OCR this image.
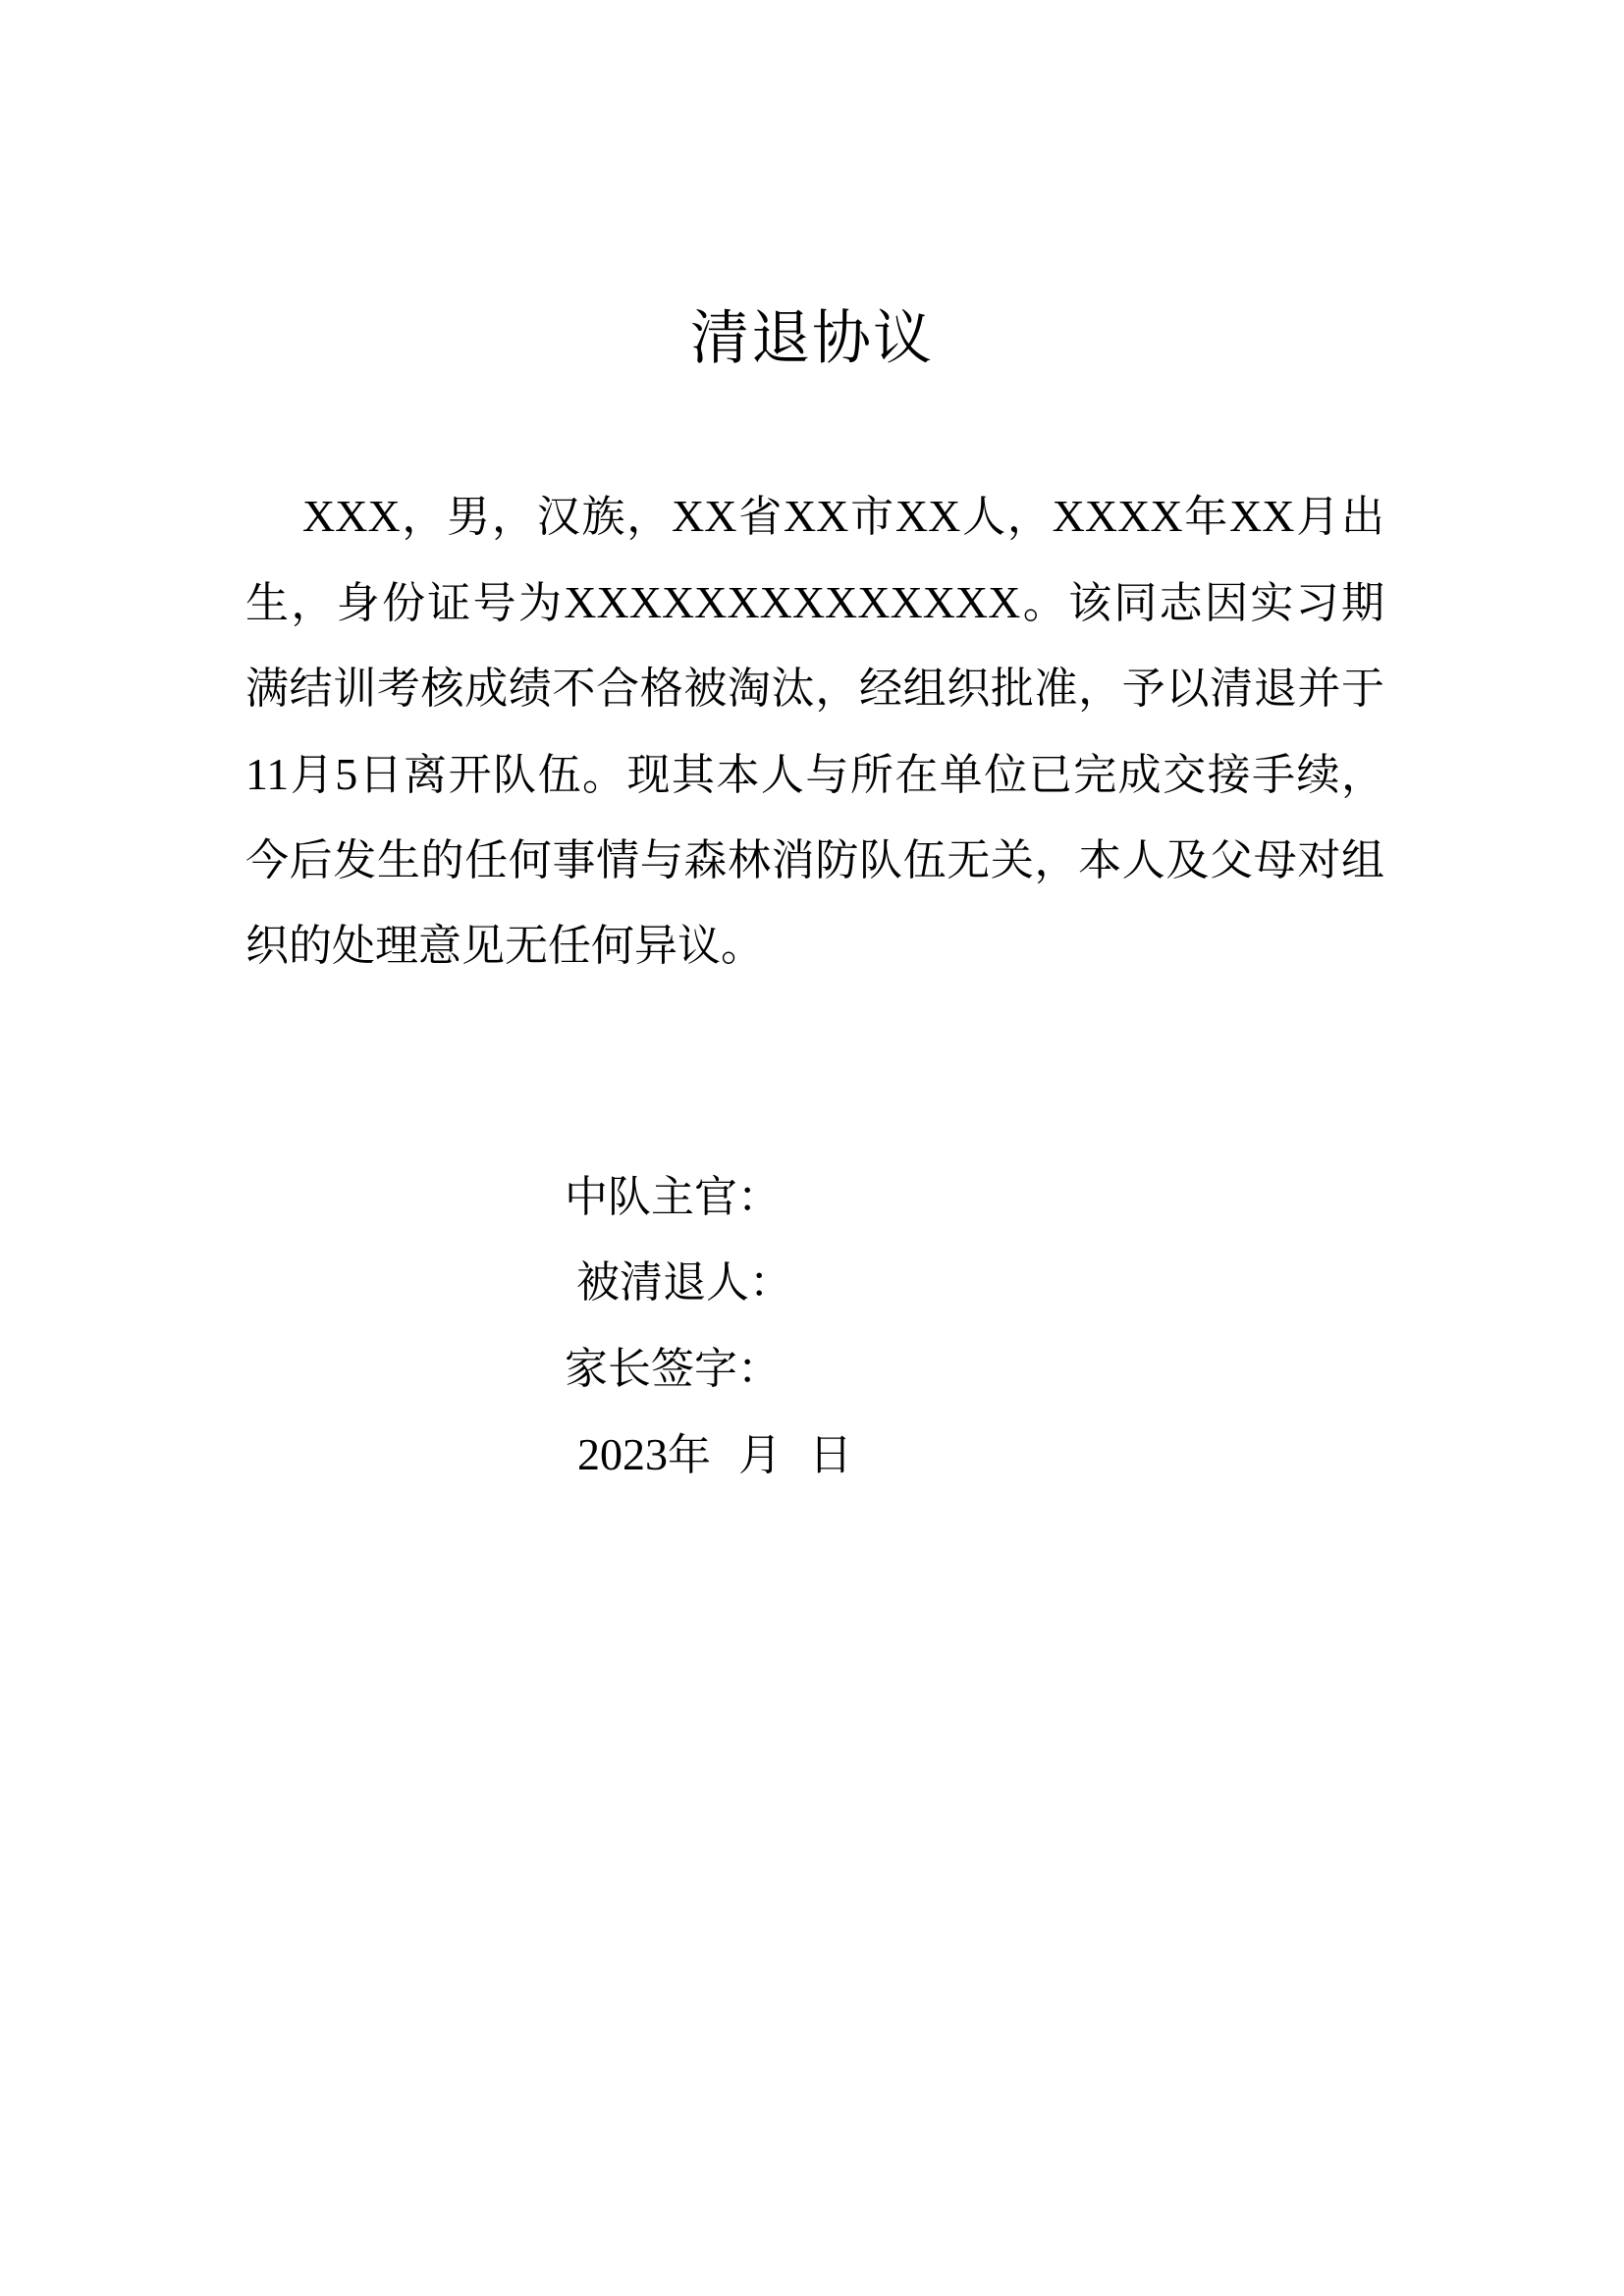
清退协议

XXX，男，汉族，XX省XX市XX人，XXXX年XX月出生，身份证号为XXXXXXXXXXXXXX。该同志因实习期满结训考核成绩不合格被淘汰，经组织批准，予以清退并于11月5日离开队伍。现其本人与所在单位已完成交接手续，今后发生的任何事情与森林消防队伍无关，本人及父母对组织的处理意见无任何异议。

中队主官：
被清退人：
家长签字：
2023年  月  日
